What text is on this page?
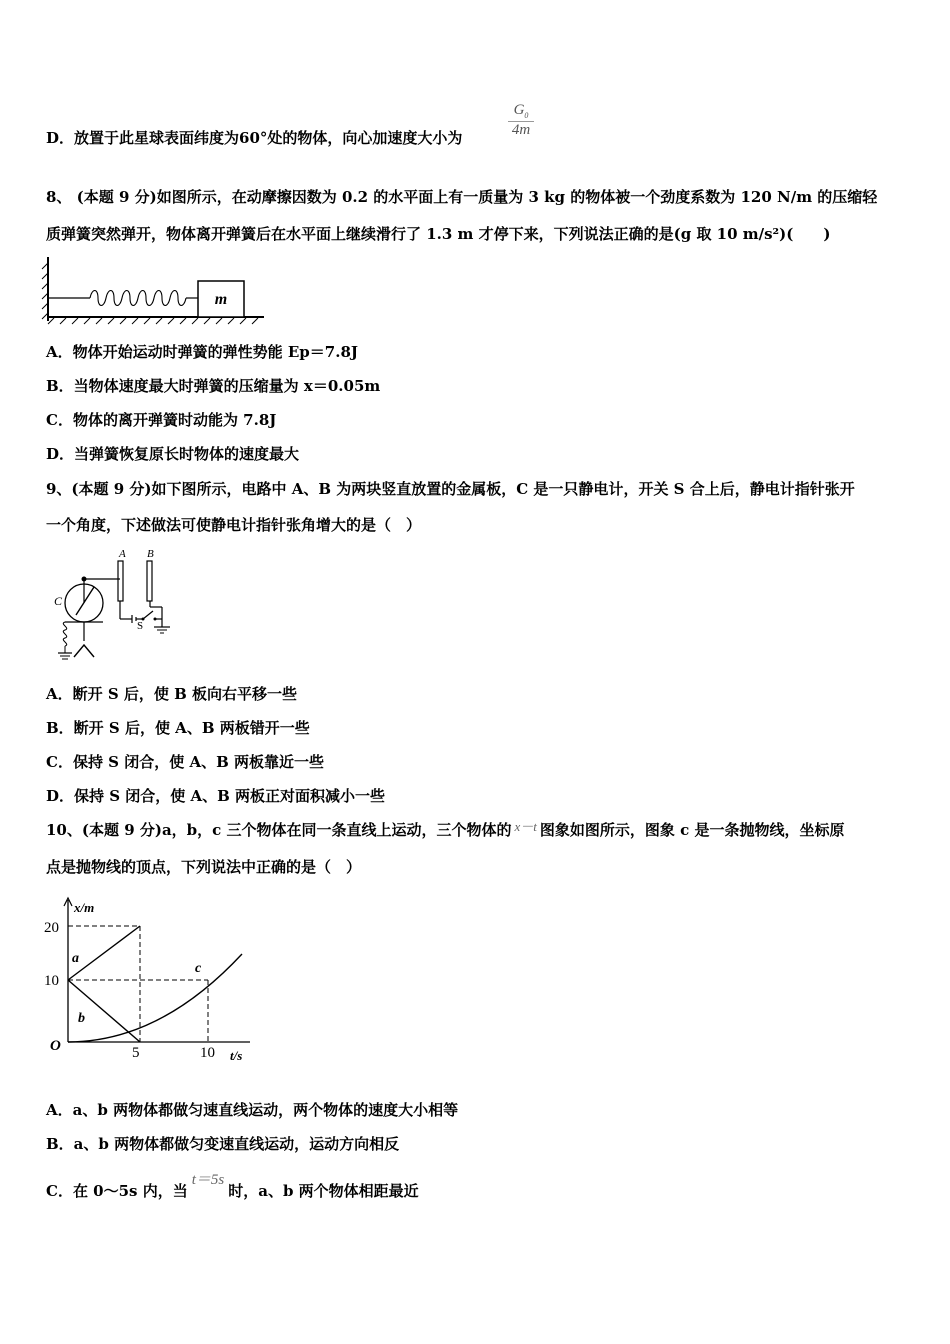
D．放置于此星球表面纬度为60°处的物体，向心加速度大小为	$\frac{G_0}{4m}$
8、 (本题 9 分)如图所示，在动摩擦因数为 0.2 的水平面上有一质量为 3 kg 的物体被一个劲度系数为 120 N/m 的压缩轻
质弹簧突然弹开，物体离开弹簧后在水平面上继续滑行了 1.3 m 才停下来，下列说法正确的是(g 取 10 m/s²)(　　)
m
A．物体开始运动时弹簧的弹性势能 Ep＝7.8J
B．当物体速度最大时弹簧的压缩量为 x＝0.05m
C．物体的离开弹簧时动能为 7.8J
D．当弹簧恢复原长时物体的速度最大
9、(本题 9 分)如下图所示，电路中 A、B 为两块竖直放置的金属板，C 是一只静电计，开关 S 合上后，静电计指针张开
一个角度，下述做法可使静电计指针张角增大的是（　）
A B
C
S
A．断开 S 后，使 B 板向右平移一些
B．断开 S 后，使 A、B 两板错开一些
C．保持 S 闭合，使 A、B 两板靠近一些
D．保持 S 闭合，使 A、B 两板正对面积减小一些
10、(本题 9 分)a，b，c 三个物体在同一条直线上运动，三个物体的 x－t 图象如图所示，图象 c 是一条抛物线，坐标原
点是抛物线的顶点，下列说法中正确的是（　）
x/m
t/s
O
20
10
5	10
a
b
c
A．a、b 两物体都做匀速直线运动，两个物体的速度大小相等
B．a、b 两物体都做匀变速直线运动，运动方向相反
C．在 0～5s 内，当t＝5s时，a、b 两个物体相距最近
